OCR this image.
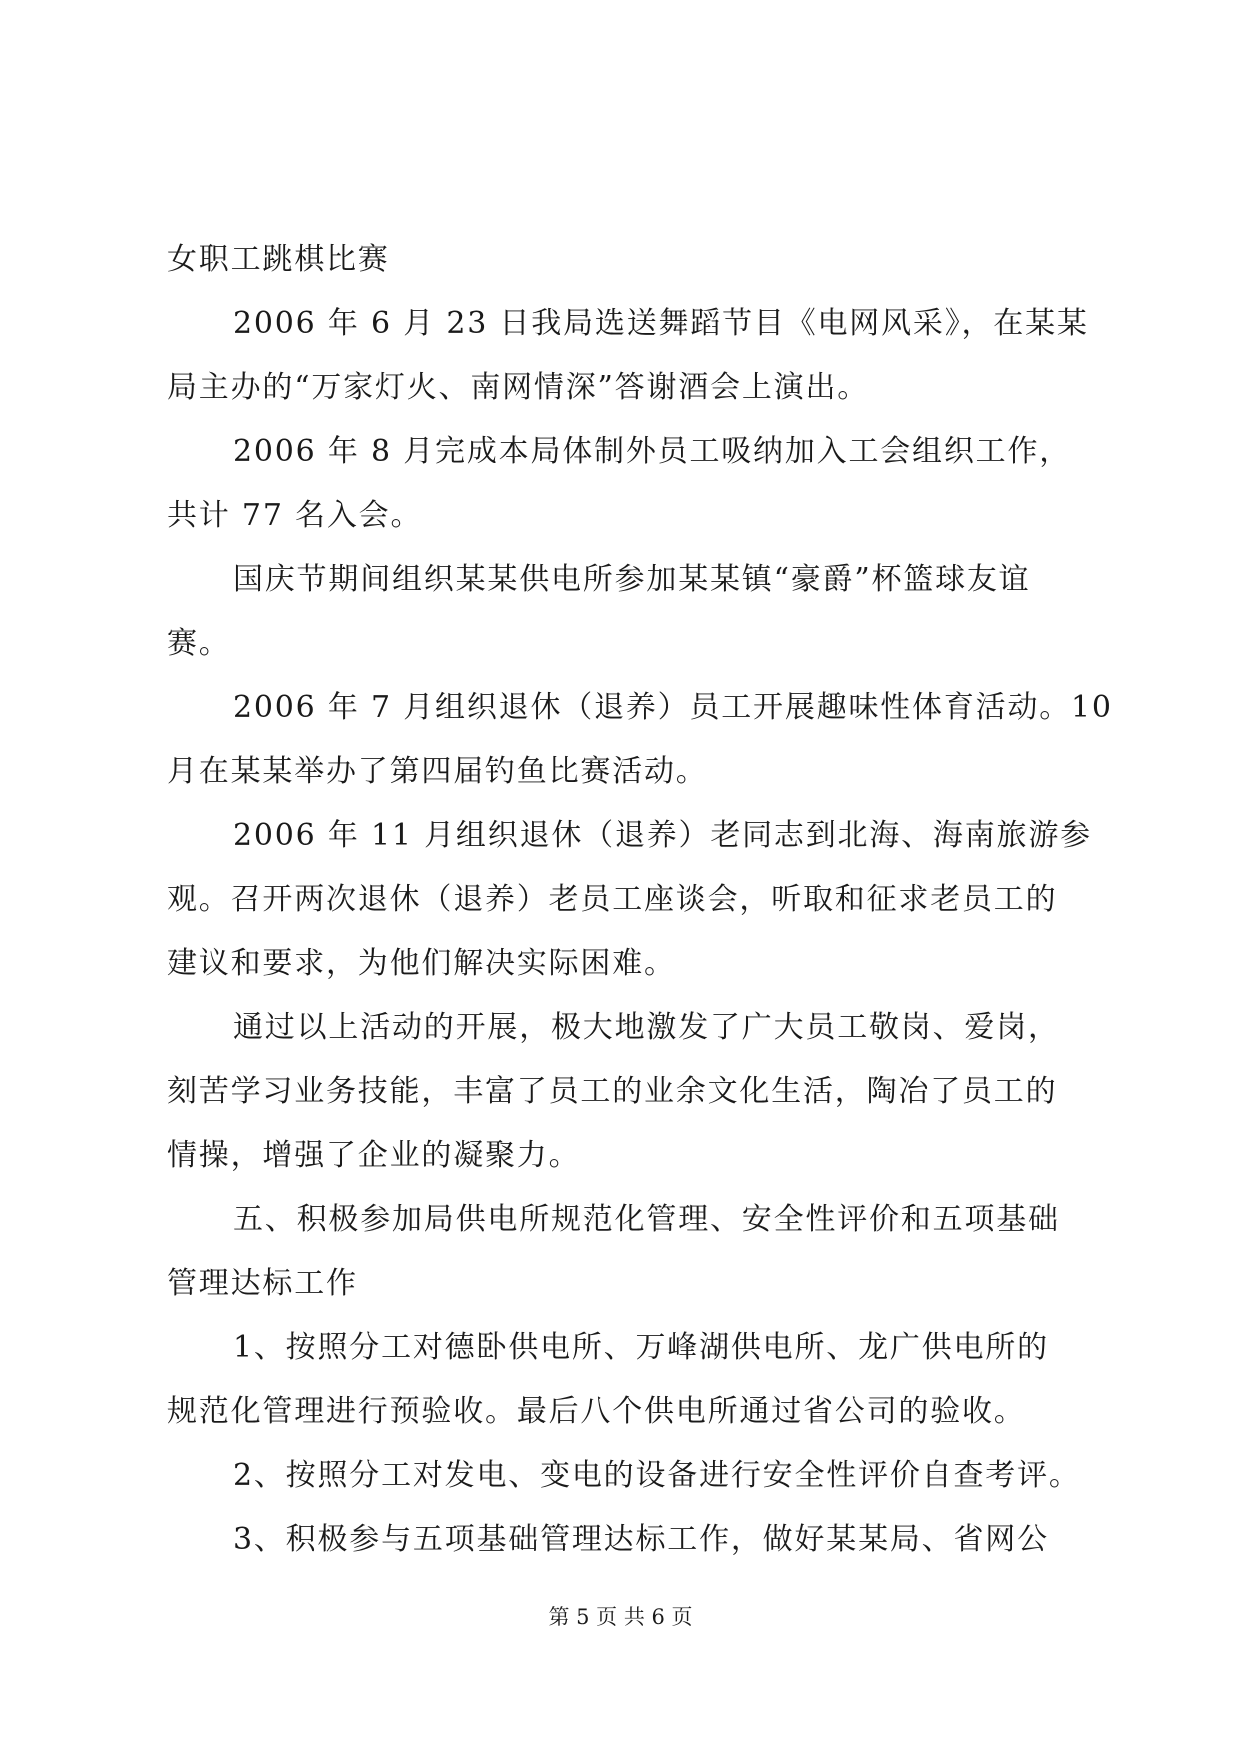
女职工跳棋比赛
2006 年 6 月 23 日我局选送舞蹈节目《电网风采》，在某某
局主办的“万家灯火、南网情深”答谢酒会上演出。
2006 年 8 月完成本局体制外员工吸纳加入工会组织工作，
共计 77 名入会。
国庆节期间组织某某供电所参加某某镇“豪爵”杯篮球友谊
赛。
2006 年 7 月组织退休（退养）员工开展趣味性体育活动。10
月在某某举办了第四届钓鱼比赛活动。
2006 年 11 月组织退休（退养）老同志到北海、海南旅游参
观。召开两次退休（退养）老员工座谈会，听取和征求老员工的
建议和要求，为他们解决实际困难。
通过以上活动的开展，极大地激发了广大员工敬岗、爱岗，
刻苦学习业务技能，丰富了员工的业余文化生活，陶冶了员工的
情操，增强了企业的凝聚力。
五、积极参加局供电所规范化管理、安全性评价和五项基础
管理达标工作
1、按照分工对德卧供电所、万峰湖供电所、龙广供电所的
规范化管理进行预验收。最后八个供电所通过省公司的验收。
2、按照分工对发电、变电的设备进行安全性评价自查考评。
3、积极参与五项基础管理达标工作，做好某某局、省网公
第 5 页 共 6 页
